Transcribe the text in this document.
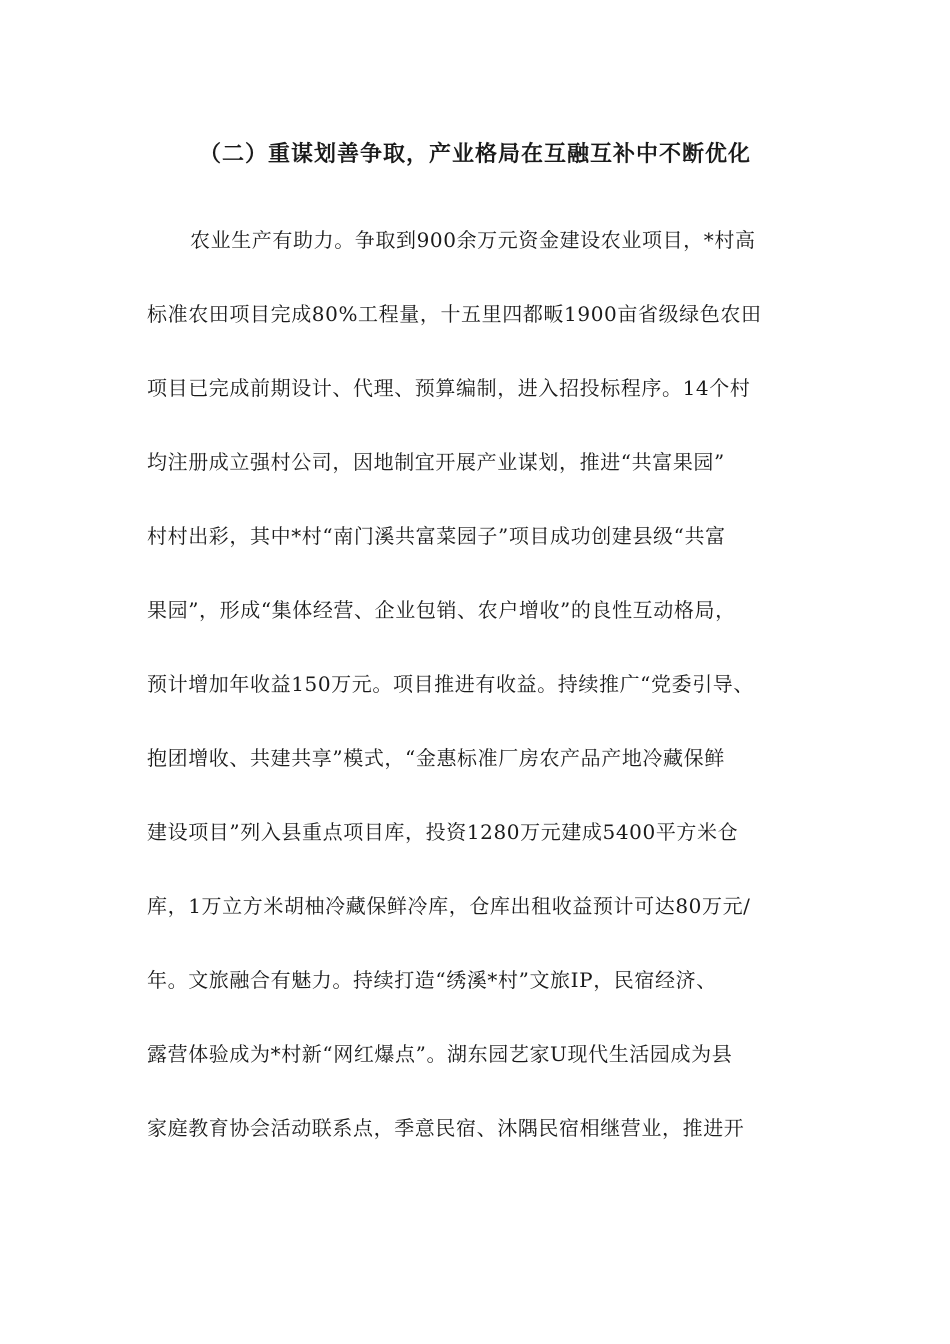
（二）重谋划善争取，产业格局在互融互补中不断优化
农业生产有助力。争取到900余万元资金建设农业项目，*村高
标准农田项目完成80%工程量，十五里四都畈1900亩省级绿色农田
项目已完成前期设计、代理、预算编制，进入招投标程序。14个村
均注册成立强村公司，因地制宜开展产业谋划，推进“共富果园”
村村出彩，其中*村“南门溪共富菜园子”项目成功创建县级“共富
果园”，形成“集体经营、企业包销、农户增收”的良性互动格局，
预计增加年收益150万元。项目推进有收益。持续推广“党委引导、
抱团增收、共建共享”模式，“金惠标准厂房农产品产地冷藏保鲜
建设项目”列入县重点项目库，投资1280万元建成5400平方米仓
库，1万立方米胡柚冷藏保鲜冷库，仓库出租收益预计可达80万元/
年。文旅融合有魅力。持续打造“绣溪*村”文旅IP，民宿经济、
露营体验成为*村新“网红爆点”。湖东园艺家U现代生活园成为县
家庭教育协会活动联系点，季意民宿、沐隅民宿相继营业，推进开
